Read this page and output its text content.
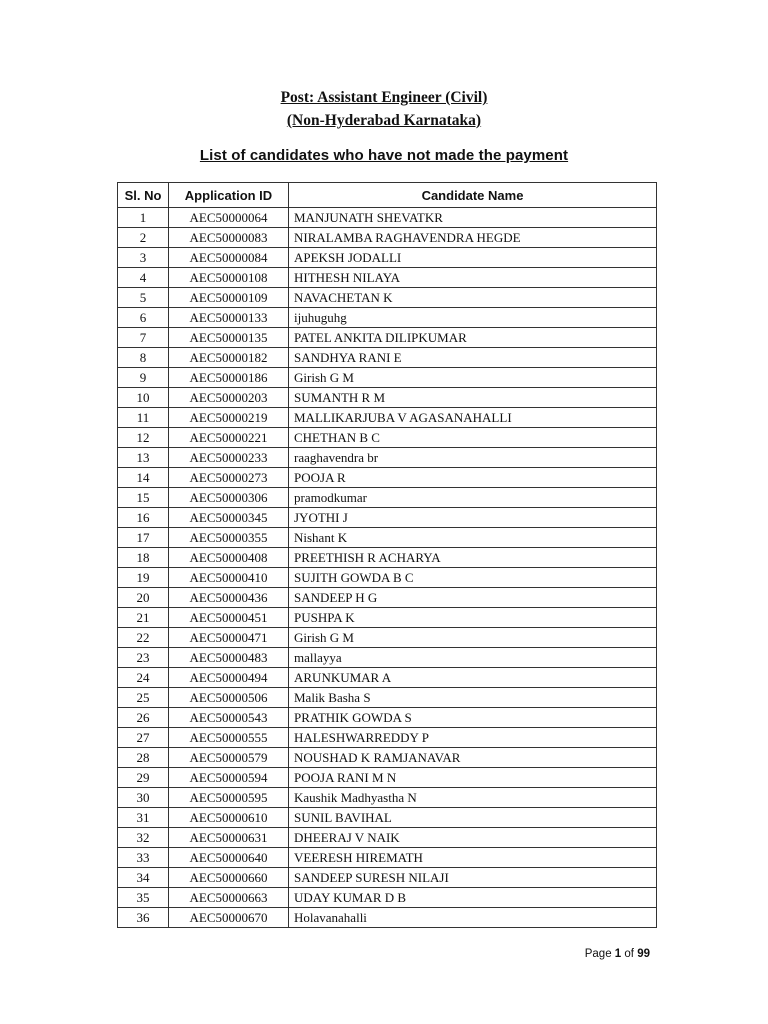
Post: Assistant Engineer (Civil)
(Non-Hyderabad Karnataka)
List of candidates who have not made the payment
Sl. No	Application ID	Candidate Name
1	AEC50000064	MANJUNATH SHEVATKR
2	AEC50000083	NIRALAMBA RAGHAVENDRA HEGDE
3	AEC50000084	APEKSH JODALLI
4	AEC50000108	HITHESH NILAYA
5	AEC50000109	NAVACHETAN K
6	AEC50000133	ijuhuguhg
7	AEC50000135	PATEL ANKITA DILIPKUMAR
8	AEC50000182	SANDHYA RANI E
9	AEC50000186	Girish G M
10	AEC50000203	SUMANTH R M
11	AEC50000219	MALLIKARJUBA V AGASANAHALLI
12	AEC50000221	CHETHAN B C
13	AEC50000233	raaghavendra br
14	AEC50000273	POOJA R
15	AEC50000306	pramodkumar
16	AEC50000345	JYOTHI J
17	AEC50000355	Nishant K
18	AEC50000408	PREETHISH R ACHARYA
19	AEC50000410	SUJITH GOWDA B C
20	AEC50000436	SANDEEP H G
21	AEC50000451	PUSHPA K
22	AEC50000471	Girish G M
23	AEC50000483	mallayya
24	AEC50000494	ARUNKUMAR A
25	AEC50000506	Malik Basha S
26	AEC50000543	PRATHIK GOWDA S
27	AEC50000555	HALESHWARREDDY P
28	AEC50000579	NOUSHAD K RAMJANAVAR
29	AEC50000594	POOJA RANI M N
30	AEC50000595	Kaushik Madhyastha N
31	AEC50000610	SUNIL BAVIHAL
32	AEC50000631	DHEERAJ V NAIK
33	AEC50000640	VEERESH HIREMATH
34	AEC50000660	SANDEEP SURESH NILAJI
35	AEC50000663	UDAY KUMAR D B
36	AEC50000670	Holavanahalli
Page 1 of 99
